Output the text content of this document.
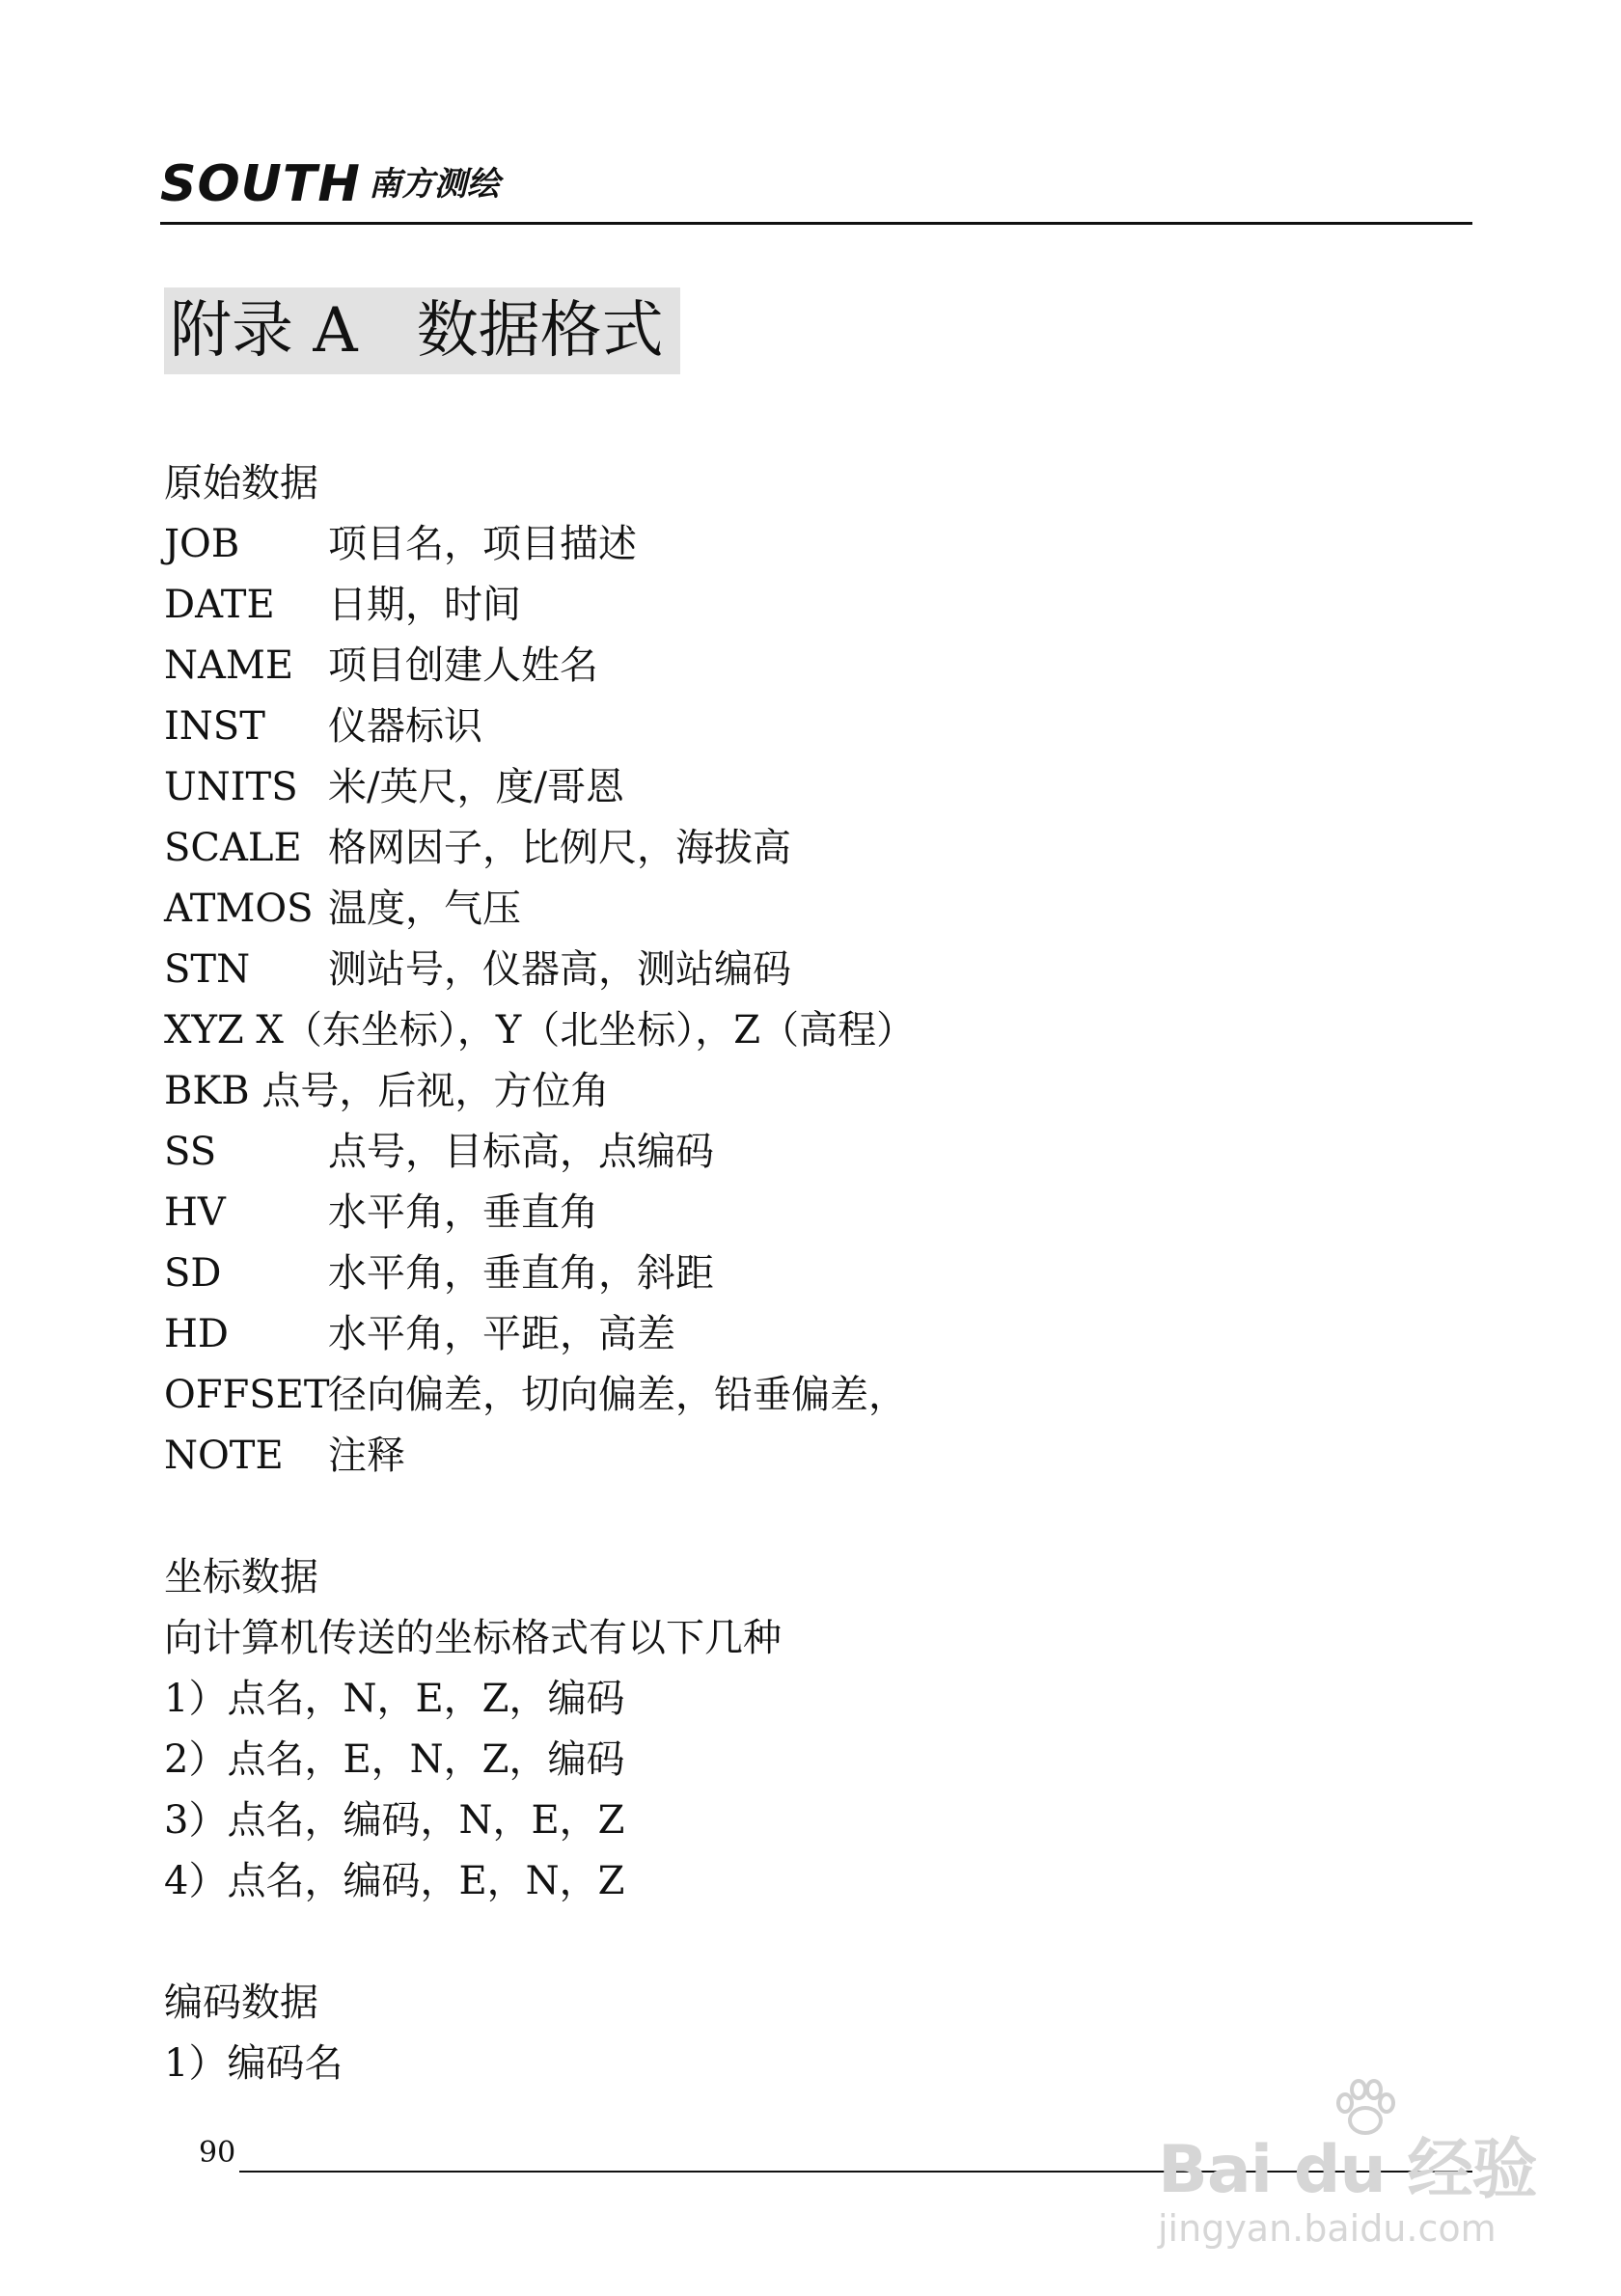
SOUTH 南方测绘
附录 A   数据格式
原始数据
JOB 项目名，项目描述
DATE 日期，时间
NAME 项目创建人姓名
INST 仪器标识
UNITS 米/英尺，度/哥恩
SCALE 格网因子，比例尺，海拔高
ATMOS 温度，气压
STN 测站号，仪器高，测站编码
XYZ X（东坐标），Y（北坐标），Z（高程）
BKB 点号，后视，方位角
SS	点号，目标高，点编码
HV	水平角，垂直角
SD	水平角，垂直角，斜距
HD	水平角，平距，高差
OFFSET径向偏差，切向偏差，铅垂偏差，
NOTE 注释
坐标数据
向计算机传送的坐标格式有以下几种
1）点名，N，E，Z，编码
2）点名，E，N，Z，编码
3）点名，编码，N，E，Z
4）点名，编码，E，N，Z
编码数据
1）编码名
90	Bai du 经验
jingyan.baidu.com
